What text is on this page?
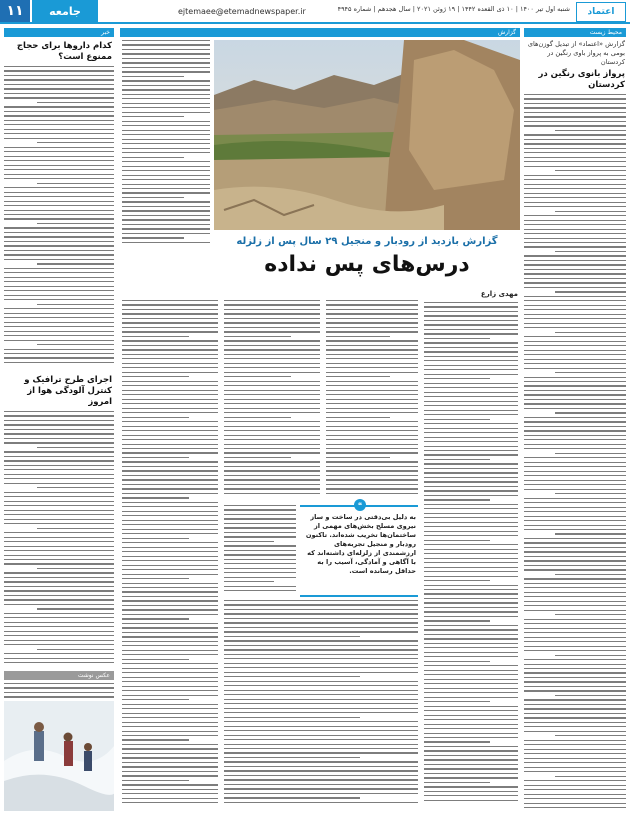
۱۱	جامعه	ejtemaee@etemadnewspaper.ir	شنبه اول تیر ۱۴۰۰ | ۱۰ ذی القعده ۱۴۴۲ | ۱۹ ژوئن ۲۰۲۱ | سال هجدهم | شماره ۴۹۴۵	اعتماد
خبر
کدام داروها برای حجاج ممنوع است؟
اجرای طرح ترافیک و کنترل آلودگی هوا از امروز
عکس نوشت
گزارش
گزارش بازدید از رودبار و منجیل ۲۹ سال پس از زلزله
درس‌های پس نداده
مهدی زارع
❝
به دلیل بی‌دقتی در ساخت و ساز نیروی مسلح بخش‌های مهمی از ساختمان‌ها تخریب شده‌اند. تاکنون رودبار و منجیل تجربه‌های ارزشمندی از زلزله‌ای داشته‌اند که با آگاهی و آمادگی، آسیب را به حداقل رسانده است.
محیط زیست
گزارش «اعتماد» از تبدیل گوزن‌های بومی به پرواز باوی رنگین در کردستان
پرواز بانوی رنگین در کردستان
